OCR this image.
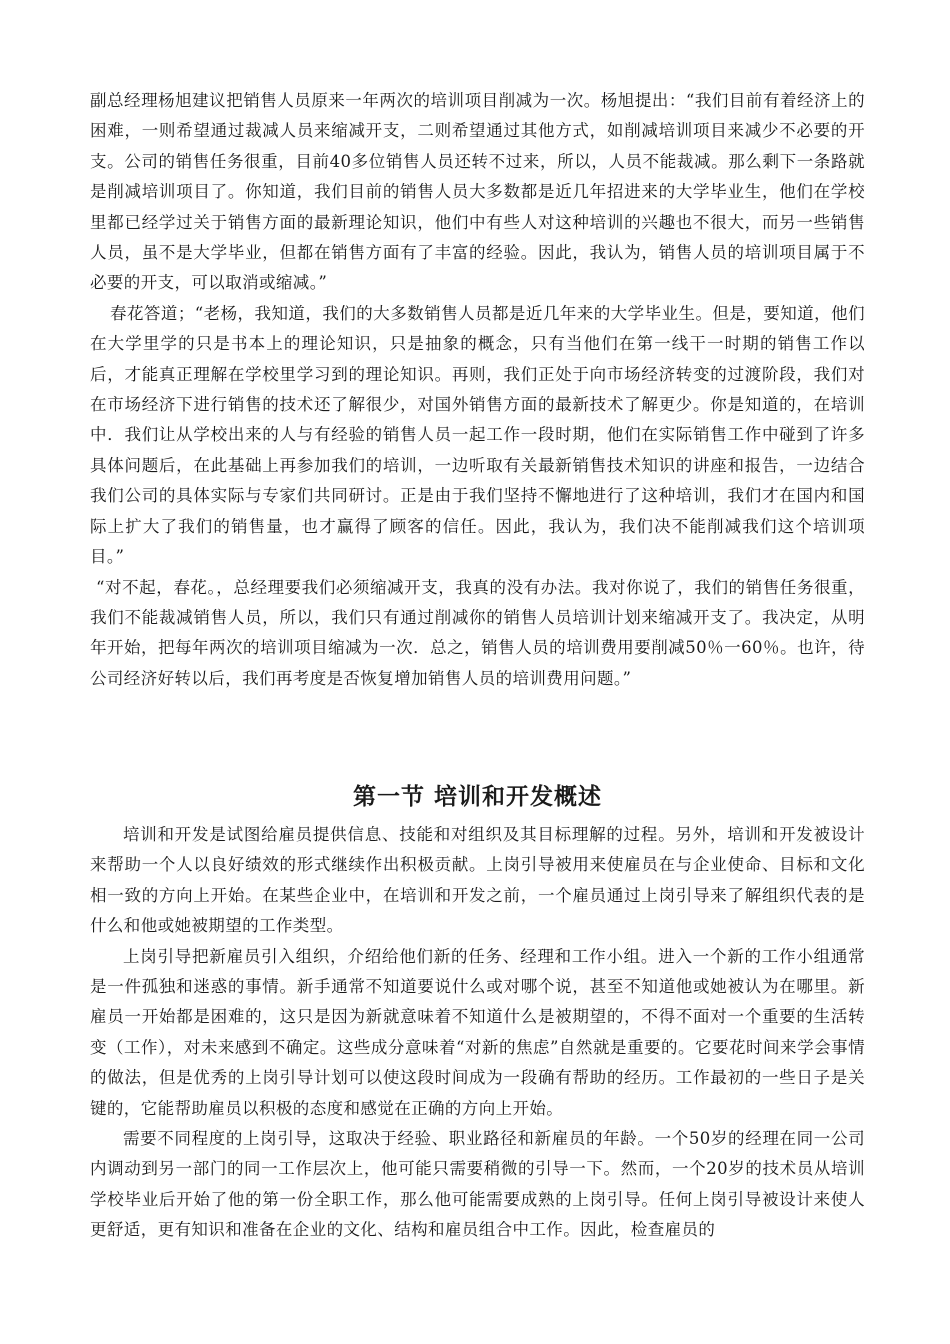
副总经理杨旭建议把销售人员原来一年两次的培训项目削减为一次。杨旭提出：“我们目前有着经济上的困难，一则希望通过裁减人员来缩减开支，二则希望通过其他方式，如削减培训项目来减少不必要的开支。公司的销售任务很重，目前40多位销售人员还转不过来，所以，人员不能裁减。那么剩下一条路就是削减培训项目了。你知道，我们目前的销售人员大多数都是近几年招进来的大学毕业生，他们在学校里都已经学过关于销售方面的最新理论知识，他们中有些人对这种培训的兴趣也不很大，而另一些销售人员，虽不是大学毕业，但都在销售方面有了丰富的经验。因此，我认为，销售人员的培训项目属于不必要的开支，可以取消或缩减。”

春花答道；“老杨，我知道，我们的大多数销售人员都是近几年来的大学毕业生。但是，要知道，他们在大学里学的只是书本上的理论知识，只是抽象的概念，只有当他们在第一线干一时期的销售工作以后，才能真正理解在学校里学习到的理论知识。再则，我们正处于向市场经济转变的过渡阶段，我们对在市场经济下进行销售的技术还了解很少，对国外销售方面的最新技术了解更少。你是知道的，在培训中．我们让从学校出来的人与有经验的销售人员一起工作一段时期，他们在实际销售工作中碰到了许多具体问题后，在此基础上再参加我们的培训，一边听取有关最新销售技术知识的讲座和报告，一边结合我们公司的具体实际与专家们共同研讨。正是由于我们坚持不懈地进行了这种培训，我们才在国内和国际上扩大了我们的销售量，也才赢得了顾客的信任。因此，我认为，我们决不能削减我们这个培训项目。”

“对不起，春花。，总经理要我们必须缩减开支，我真的没有办法。我对你说了，我们的销售任务很重，我们不能裁减销售人员，所以，我们只有通过削减你的销售人员培训计划来缩减开支了。我决定，从明年开始，把每年两次的培训项目缩减为一次．总之，销售人员的培训费用要削减50％一60％。也许，待公司经济好转以后，我们再考度是否恢复增加销售人员的培训费用问题。”

第一节 培训和开发概述

培训和开发是试图给雇员提供信息、技能和对组织及其目标理解的过程。另外，培训和开发被设计来帮助一个人以良好绩效的形式继续作出积极贡献。上岗引导被用来使雇员在与企业使命、目标和文化相一致的方向上开始。在某些企业中，在培训和开发之前，一个雇员通过上岗引导来了解组织代表的是什么和他或她被期望的工作类型。

上岗引导把新雇员引入组织，介绍给他们新的任务、经理和工作小组。进入一个新的工作小组通常是一件孤独和迷惑的事情。新手通常不知道要说什么或对哪个说，甚至不知道他或她被认为在哪里。新雇员一开始都是困难的，这只是因为新就意味着不知道什么是被期望的，不得不面对一个重要的生活转变（工作），对未来感到不确定。这些成分意味着“对新的焦虑”自然就是重要的。它要花时间来学会事情的做法，但是优秀的上岗引导计划可以使这段时间成为一段确有帮助的经历。工作最初的一些日子是关键的，它能帮助雇员以积极的态度和感觉在正确的方向上开始。

需要不同程度的上岗引导，这取决于经验、职业路径和新雇员的年龄。一个50岁的经理在同一公司内调动到另一部门的同一工作层次上，他可能只需要稍微的引导一下。然而，一个20岁的技术员从培训学校毕业后开始了他的第一份全职工作，那么他可能需要成熟的上岗引导。任何上岗引导被设计来使人更舒适，更有知识和准备在企业的文化、结构和雇员组合中工作。因此，检查雇员的
